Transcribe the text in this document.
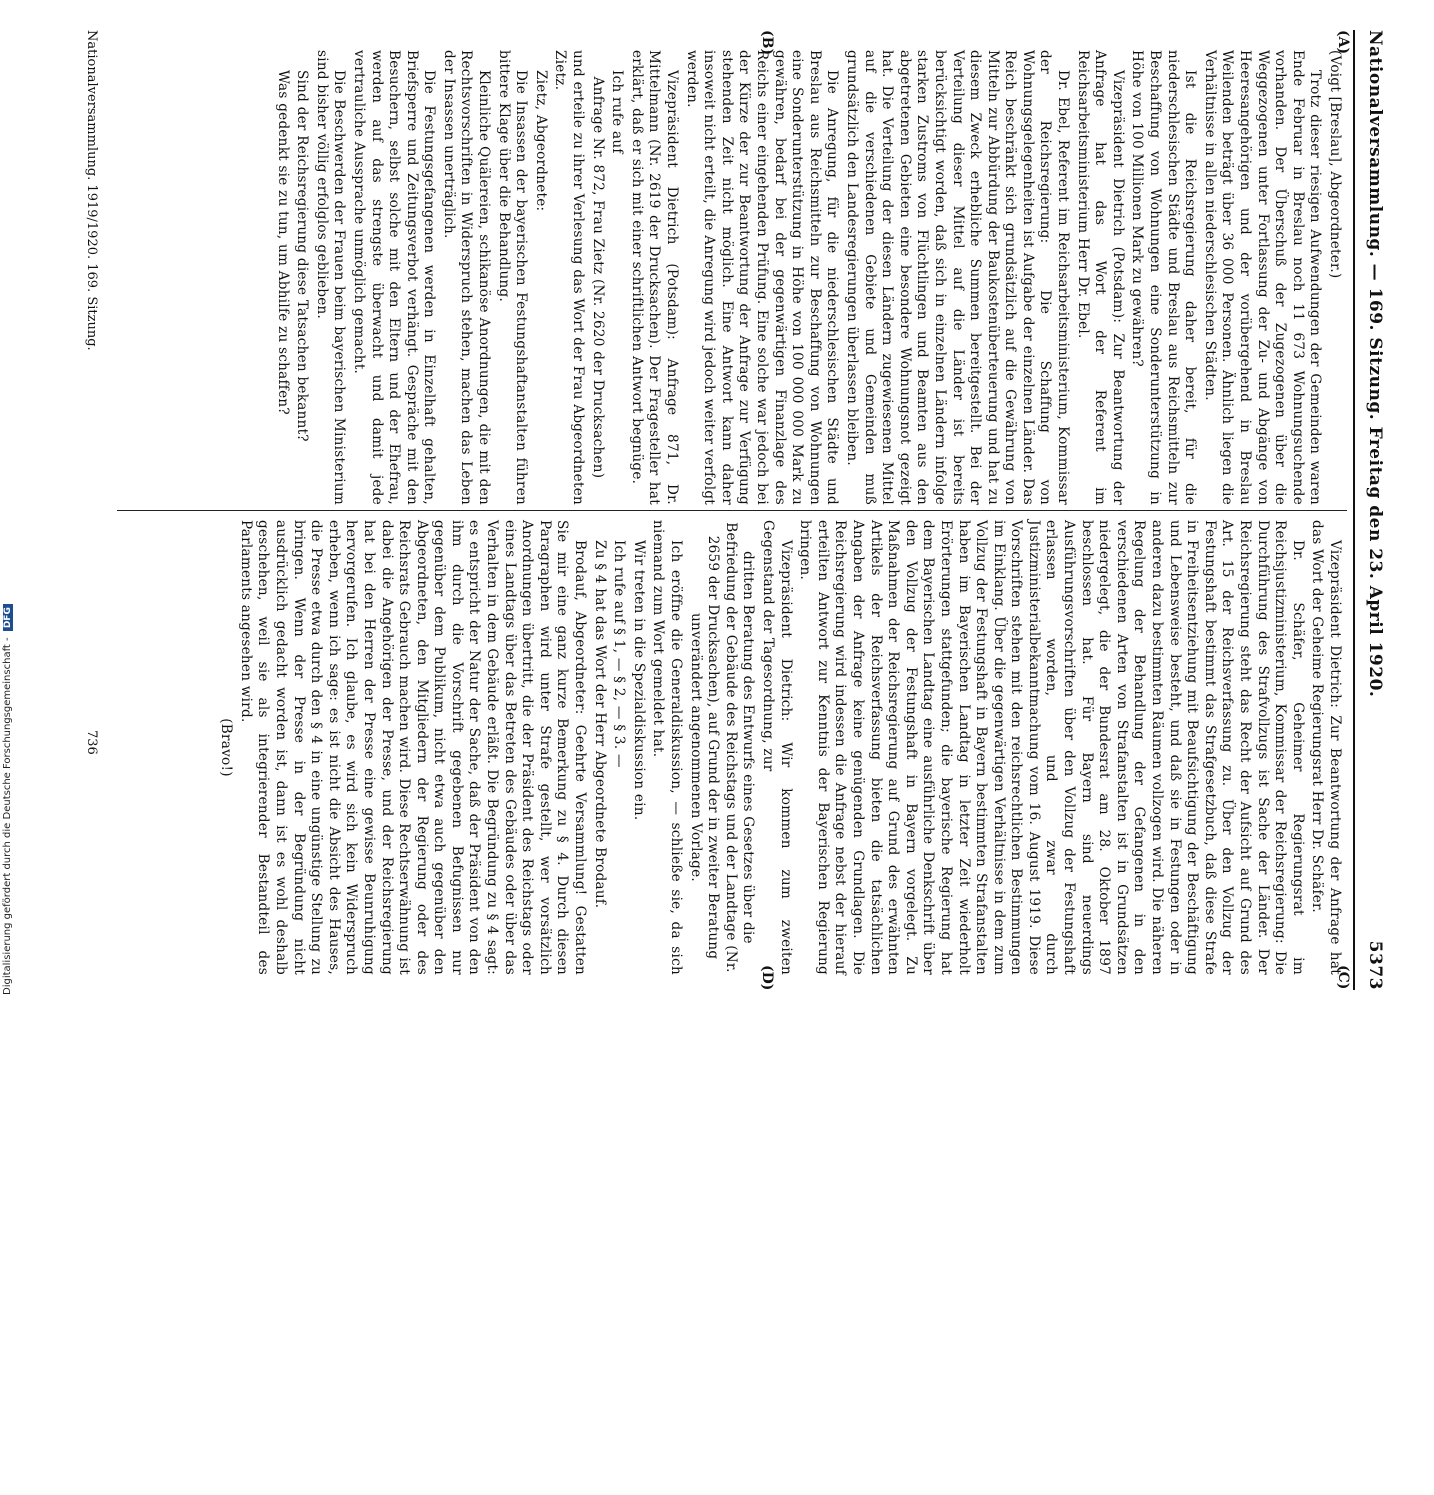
Nationalversammlung. — 169. Sitzung. Freitag den 23. April 1920.
5373
(A)
(B)
(C)
(D)

(Voigt [Breslau], Abgeordneter.)

Trotz dieser riesigen Aufwendungen der Gemeinden waren Ende Februar in Breslau noch 11 673 Wohnungsuchende vorhanden. Der Überschuß der Zugezogenen über die Weggezogenen unter Fortlassung der Zu- und Abgänge von Heeresangehörigen und der vorübergehend in Breslau Weilenden beträgt über 36 000 Personen. Ähnlich liegen die Verhältnisse in allen niederschlesischen Städten.

Ist die Reichsregierung daher bereit, für die niederschlesischen Städte und Breslau aus Reichsmitteln zur Beschaffung von Wohnungen eine Sonderunterstützung in Höhe von 100 Millionen Mark zu gewähren?

Vizepräsident Dietrich (Potsdam): Zur Beantwortung der Anfrage hat das Wort der Referent im Reichsarbeitsministerium Herr Dr. Ebel.

Dr. Ebel, Referent im Reichsarbeitsministerium, Kommissar der Reichsregierung: Die Schaffung von Wohnungsgelegenheiten ist Aufgabe der einzelnen Länder. Das Reich beschränkt sich grundsätzlich auf die Gewährung von Mitteln zur Abbürdung der Baukostenüberteuerung und hat zu diesem Zweck erhebliche Summen bereitgestellt. Bei der Verteilung dieser Mittel auf die Länder ist bereits berücksichtigt worden, daß sich in einzelnen Ländern infolge starken Zustroms von Flüchtlingen und Beamten aus den abgetretenen Gebieten eine besondere Wohnungsnot gezeigt hat. Die Verteilung der diesen Ländern zugewiesenen Mittel auf die verschiedenen Gebiete und Gemeinden muß grundsätzlich den Landesregierungen überlassen bleiben.

Die Anregung, für die niederschlesischen Städte und Breslau aus Reichsmitteln zur Beschaffung von Wohnungen eine Sonderunterstützung in Höhe von 100 000 000 Mark zu gewähren, bedarf bei der gegenwärtigen Finanzlage des Reichs einer eingehenden Prüfung. Eine solche war jedoch bei der Kürze der zur Beantwortung der Anfrage zur Verfügung stehenden Zeit nicht möglich. Eine Antwort kann daher insoweit nicht erteilt, die Anregung wird jedoch weiter verfolgt werden.

Vizepräsident Dietrich (Potsdam): Anfrage 871, Dr. Mittelmann (Nr. 2619 der Drucksachen). Der Fragesteller hat erklärt, daß er sich mit einer schriftlichen Antwort begnüge.

Ich rufe auf

Anfrage Nr. 872, Frau Zietz (Nr. 2620 der Drucksachen)

und erteile zu ihrer Verlesung das Wort der Frau Abgeordneten Zietz.

Zietz, Abgeordnete:

Die Insassen der bayerischen Festungshaftanstalten führen bittere Klage über die Behandlung.

Kleinliche Quälereien, schikanöse Anordnungen, die mit den Rechtsvorschriften in Widerspruch stehen, machen das Leben der Insassen unerträglich.

Die Festungsgefangenen werden in Einzelhaft gehalten, Briefsperre und Zeitungsverbot verhängt. Gespräche mit den Besuchern, selbst solche mit den Eltern und der Ehefrau, werden auf das strengste überwacht und damit jede vertrauliche Aussprache unmöglich gemacht.

Die Beschwerden der Frauen beim bayerischen Ministerium sind bisher völlig erfolglos geblieben.

Sind der Reichsregierung diese Tatsachen bekannt?

Was gedenkt sie zu tun, um Abhilfe zu schaffen?

Vizepräsident Dietrich: Zur Beantwortung der Anfrage hat das Wort der Geheime Regierungsrat Herr Dr. Schäfer.

Dr. Schäfer, Geheimer Regierungsrat im Reichsjustizministerium, Kommissar der Reichsregierung: Die Durchführung des Strafvollzugs ist Sache der Länder. Der Reichsregierung steht das Recht der Aufsicht auf Grund des Art. 15 der Reichsverfassung zu. Über den Vollzug der Festungshaft bestimmt das Strafgesetzbuch, daß diese Strafe in Freiheitsentziehung mit Beaufsichtigung der Beschäftigung und Lebensweise besteht, und daß sie in Festungen oder in anderen dazu bestimmten Räumen vollzogen wird. Die näheren Regelung der Behandlung der Gefangenen in den verschiedenen Arten von Strafanstalten ist in Grundsätzen niedergelegt, die der Bundesrat am 28. Oktober 1897 beschlossen hat. Für Bayern sind neuerdings Ausführungsvorschriften über den Vollzug der Festungshaft erlassen worden, und zwar durch Justizministerialbekanntmachung vom 16. August 1919. Diese Vorschriften stehen mit den reichsrechtlichen Bestimmungen im Einklang. Über die gegenwärtigen Verhältnisse in dem zum Vollzug der Festungshaft in Bayern bestimmten Strafanstalten haben im Bayerischen Landtag in letzter Zeit wiederholt Erörterungen stattgefunden; die bayerische Regierung hat dem Bayerischen Landtag eine ausführliche Denkschrift über den Vollzug der Festungshaft in Bayern vorgelegt. Zu Maßnahmen der Reichsregierung auf Grund des erwähnten Artikels der Reichsverfassung bieten die tatsächlichen Angaben der Anfrage keine genügenden Grundlagen. Die Reichsregierung wird indessen die Anfrage nebst der hierauf erteilten Antwort zur Kenntnis der Bayerischen Regierung bringen.

Vizepräsident Dietrich: Wir kommen zum zweiten Gegenstand der Tagesordnung, zur

dritten Beratung des Entwurfs eines Gesetzes über die Befriedung der Gebäude des Reichstags und der Landtage (Nr. 2659 der Drucksachen), auf Grund der in zweiter Beratung unverändert angenommenen Vorlage.

Ich eröffne die Generaldiskussion, — schließe sie, da sich niemand zum Wort gemeldet hat.

Wir treten in die Spezialdiskussion ein.

Ich rufe auf § 1, — § 2, — § 3. —

Zu § 4 hat das Wort der Herr Abgeordnete Brodauf.

Brodauf, Abgeordneter: Geehrte Versammlung! Gestatten Sie mir eine ganz kurze Bemerkung zu § 4. Durch diesen Paragraphen wird unter Strafe gestellt, wer vorsätzlich Anordnungen übertritt, die der Präsident des Reichstags oder eines Landtags über das Betreten des Gebäudes oder über das Verhalten in dem Gebäude erläßt. Die Begründung zu § 4 sagt: es entspricht der Natur der Sache, daß der Präsident von den ihm durch die Vorschrift gegebenen Befugnissen nur gegenüber dem Publikum, nicht etwa auch gegenüber den Abgeordneten, den Mitgliedern der Regierung oder des Reichsrats Gebrauch machen wird. Diese Rechtserwähnung ist dabei die Angehörigen der Presse, und der Reichsregierung hat bei den Herren der Presse eine gewisse Beunruhigung hervorgerufen. Ich glaube, es wird sich kein Widerspruch erheben, wenn ich sage: es ist nicht die Absicht des Hauses, die Presse etwa durch den § 4 in eine ungünstige Stellung zu bringen. Wenn der Presse in der Begründung nicht ausdrücklich gedacht worden ist, dann ist es wohl deshalb geschehen, weil sie als integrierender Bestandteil des Parlaments angesehen wird.

(Bravo!)

Nationalversammlung. 1919/1920. 169. Sitzung.
736
Digitalisierung gefördert durch die Deutsche Forschungsgemeinschaft - DFG
